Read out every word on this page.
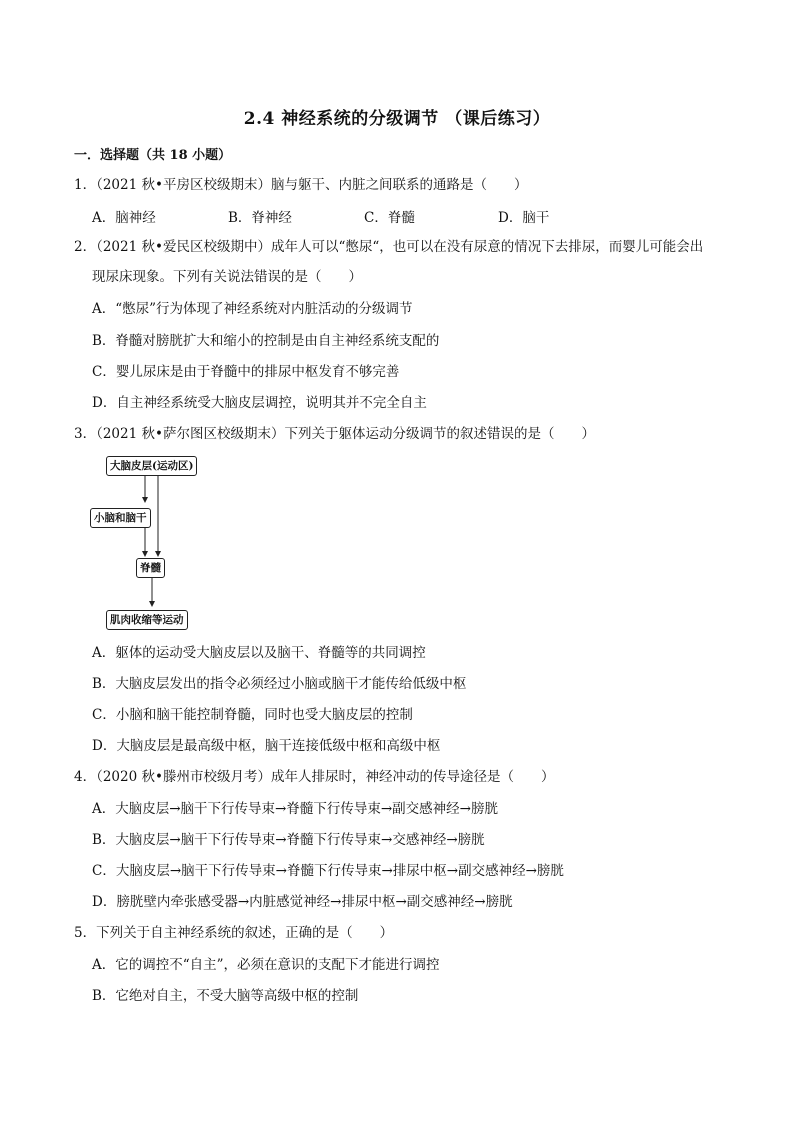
2.4 神经系统的分级调节 （课后练习）
一．选择题（共 18 小题）
1．（2021 秋•平房区校级期末）脑与躯干、内脏之间联系的通路是（　　）
A．脑神经	B．脊神经	C．脊髓	D．脑干
2．（2021 秋•爱民区校级期中）成年人可以“憋尿“，也可以在没有尿意的情况下去排尿，而婴儿可能会出
现尿床现象。下列有关说法错误的是（　　）
A．“憋尿”行为体现了神经系统对内脏活动的分级调节
B．脊髓对膀胱扩大和缩小的控制是由自主神经系统支配的
C．婴儿尿床是由于脊髓中的排尿中枢发育不够完善
D．自主神经系统受大脑皮层调控，说明其并不完全自主
3．（2021 秋•萨尔图区校级期末）下列关于躯体运动分级调节的叙述错误的是（　　）
大脑皮层(运动区)
小脑和脑干
脊髓
肌肉收缩等运动
A．躯体的运动受大脑皮层以及脑干、脊髓等的共同调控
B．大脑皮层发出的指令必须经过小脑或脑干才能传给低级中枢
C．小脑和脑干能控制脊髓，同时也受大脑皮层的控制
D．大脑皮层是最高级中枢，脑干连接低级中枢和高级中枢
4．（2020 秋•滕州市校级月考）成年人排尿时，神经冲动的传导途径是（　　）
A．大脑皮层→脑干下行传导束→脊髓下行传导束→副交感神经→膀胱
B．大脑皮层→脑干下行传导束→脊髓下行传导束→交感神经→膀胱
C．大脑皮层→脑干下行传导束→脊髓下行传导束→排尿中枢→副交感神经→膀胱
D．膀胱壁内牵张感受器→内脏感觉神经→排尿中枢→副交感神经→膀胱
5．下列关于自主神经系统的叙述，正确的是（　　）
A．它的调控不“自主”，必须在意识的支配下才能进行调控
B．它绝对自主，不受大脑等高级中枢的控制
